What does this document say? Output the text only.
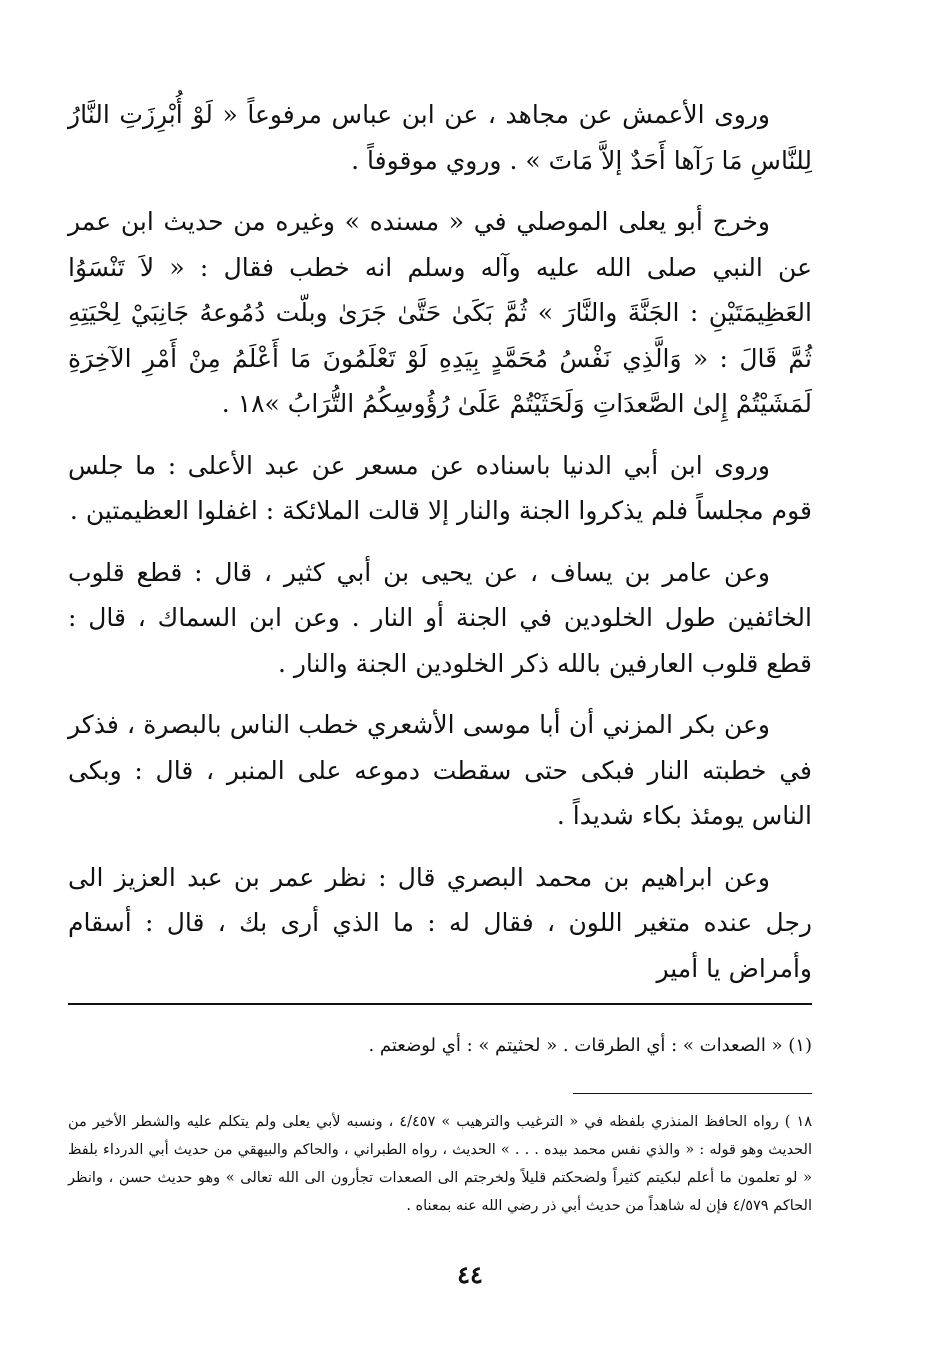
وروى الأعمش عن مجاهد ، عن ابن عباس مرفوعاً « لَوْ أُبْرِزَتِ النَّارُ لِلنَّاسِ مَا رَآها أَحَدٌ إلاَّ مَاتَ » . وروي موقوفاً .

وخرج أبو يعلى الموصلي في « مسنده » وغيره من حديث ابن عمر عن النبي صلى الله عليه وآله وسلم انه خطب فقال : « لاَ تَنْسَوُا العَظِيمَتَيْنِ : الجَنَّةَ والنَّارَ » ثُمَّ بَكَىٰ حَتَّىٰ جَرَىٰ وبلّت دُمُوعهُ جَانِبَيْ لِحْيَتِهِ ثُمَّ قَالَ : « وَالَّذِي نَفْسُ مُحَمَّدٍ بِيَدِهِ لَوْ تَعْلَمُونَ مَا أَعْلَمُ مِنْ أَمْرِ الآخِرَةِ لَمَشَيْتُمْ إِلىٰ الصَّعدَاتِ وَلَحَثَيْتُمْ عَلَىٰ رُؤُوسِكُمُ التُّرَابُ »١٨ .

وروى ابن أبي الدنيا باسناده عن مسعر عن عبد الأعلى : ما جلس قوم مجلساً فلم يذكروا الجنة والنار إلا قالت الملائكة : اغفلوا العظيمتين .

وعن عامر بن يساف ، عن يحيى بن أبي كثير ، قال : قطع قلوب الخائفين طول الخلودين في الجنة أو النار . وعن ابن السماك ، قال : قطع قلوب العارفين بالله ذكر الخلودين الجنة والنار .

وعن بكر المزني أن أبا موسى الأشعري خطب الناس بالبصرة ، فذكر في خطبته النار فبكى حتى سقطت دموعه على المنبر ، قال : وبكى الناس يومئذ بكاء شديداً .

وعن ابراهيم بن محمد البصري قال : نظر عمر بن عبد العزيز الى رجل عنده متغير اللون ، فقال له : ما الذي أرى بك ، قال : أسقام وأمراض يا أمير

(١) « الصعدات » : أي الطرقات . « لحثيتم » : أي لوضعتم .

١٨ ) رواه الحافظ المنذري بلفظه في « الترغيب والترهيب » ٤/٤٥٧ ، ونسبه لأبي يعلى ولم يتكلم عليه والشطر الأخير من الحديث وهو قوله : « والذي نفس محمد بيده . . . » الحديث ، رواه الطبراني ، والحاكم والبيهقي من حديث أبي الدرداء بلفظ « لو تعلمون ما أعلم لبكيتم كثيراً ولضحكتم قليلاً ولخرجتم الى الصعدات تجأرون الى الله تعالى » وهو حديث حسن ، وانظر الحاكم ٤/٥٧٩ فإن له شاهداً من حديث أبي ذر رضي الله عنه بمعناه .

٤٤
